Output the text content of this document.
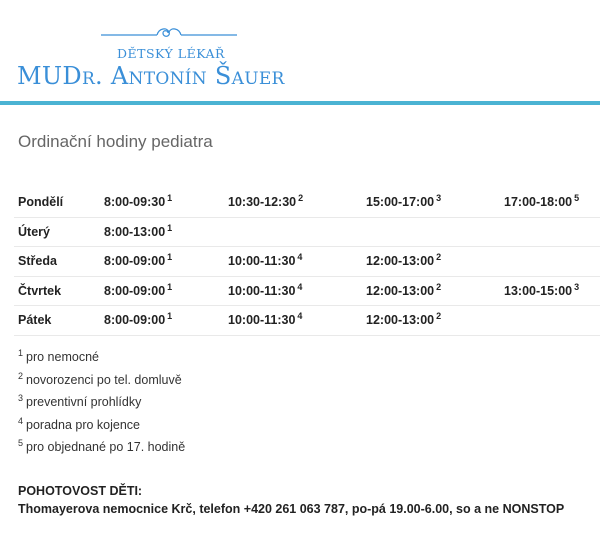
DĚTSKÝ LÉKAŘ
MUDr. Antonín Šauer
Ordinační hodiny pediatra
Pondělí	8:00-09:30 $^1$	10:30-12:30 $^2$	15:00-17:00 $^3$	17:00-18:00 $^5$
Úterý	8:00-13:00 $^1$			
Středa	8:00-09:00 $^1$	10:00-11:30 $^4$	12:00-13:00 $^2$	
Čtvrtek	8:00-09:00 $^1$	10:00-11:30 $^4$	12:00-13:00 $^2$	13:00-15:00 $^3$
Pátek	8:00-09:00 $^1$	10:00-11:30 $^4$	12:00-13:00 $^2$	
$^1$ pro nemocné
$^2$ novorozenci po tel. domluvě
$^3$ preventivní prohlídky
$^4$ poradna pro kojence
$^5$ pro objednané po 17. hodině
POHOTOVOST DĚTI:
Thomayerova nemocnice Krč, telefon +420 261 063 787, po-pá 19.00-6.00, so a ne NONSTOP
